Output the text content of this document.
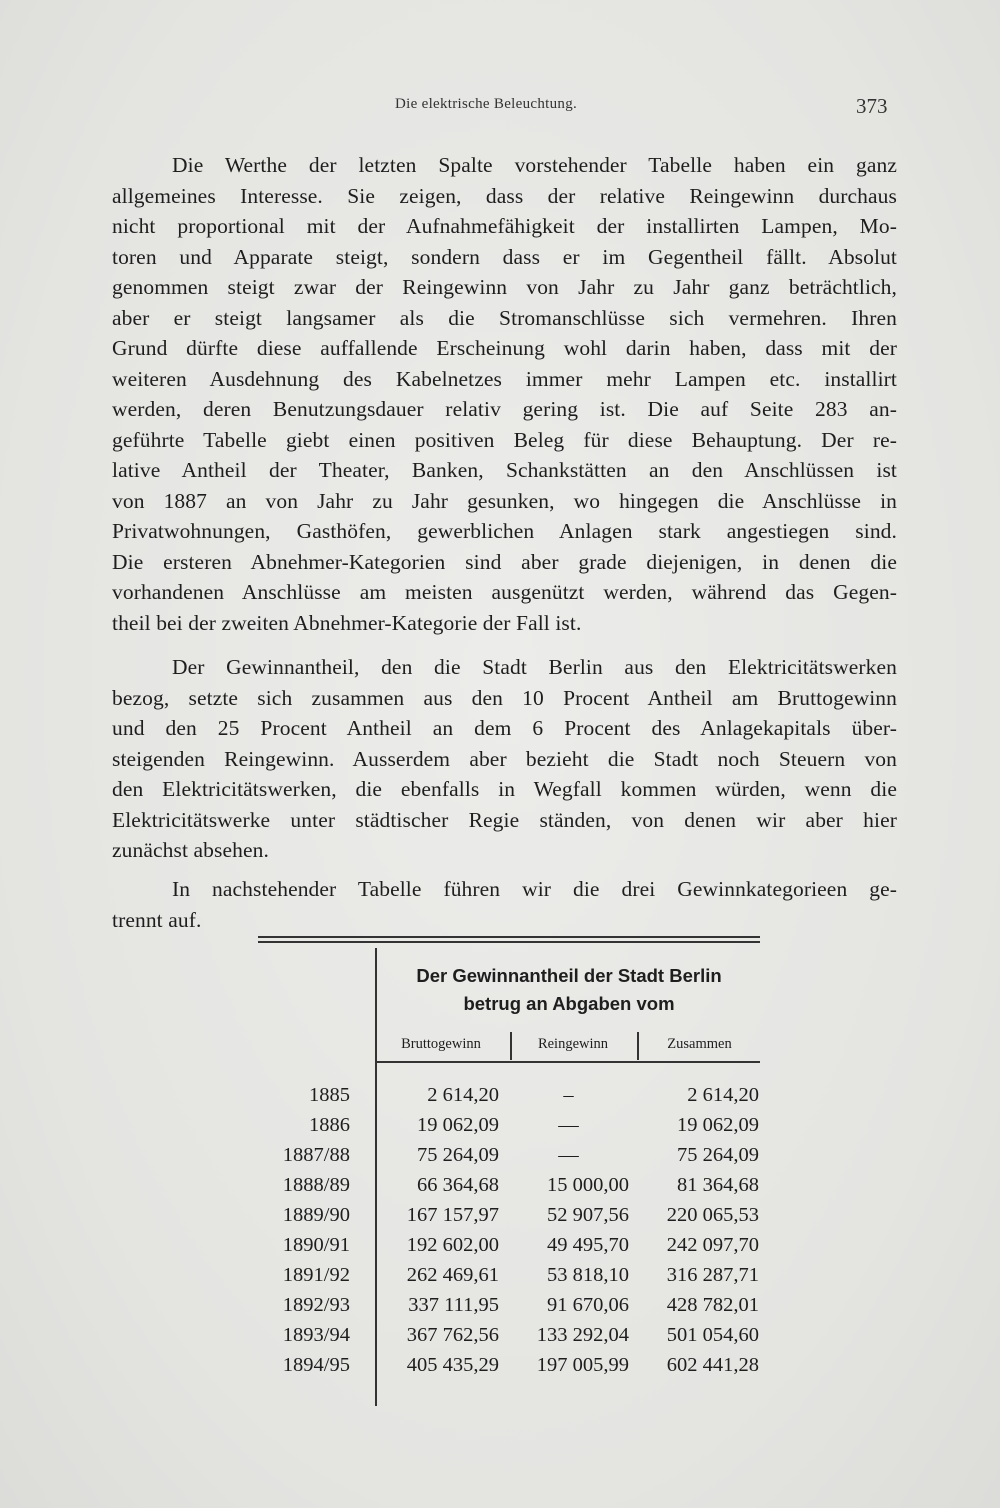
Die elektrische Beleuchtung.	373
Die Werthe der letzten Spalte vorstehender Tabelle haben ein ganz
allgemeines Interesse. Sie zeigen, dass der relative Reingewinn durchaus
nicht proportional mit der Aufnahmefähigkeit der installirten Lampen, Mo-
toren und Apparate steigt, sondern dass er im Gegentheil fällt. Absolut
genommen steigt zwar der Reingewinn von Jahr zu Jahr ganz beträchtlich,
aber er steigt langsamer als die Stromanschlüsse sich vermehren. Ihren
Grund dürfte diese auffallende Erscheinung wohl darin haben, dass mit der
weiteren Ausdehnung des Kabelnetzes immer mehr Lampen etc. installirt
werden, deren Benutzungsdauer relativ gering ist. Die auf Seite 283 an-
geführte Tabelle giebt einen positiven Beleg für diese Behauptung. Der re-
lative Antheil der Theater, Banken, Schankstätten an den Anschlüssen ist
von 1887 an von Jahr zu Jahr gesunken, wo hingegen die Anschlüsse in
Privatwohnungen, Gasthöfen, gewerblichen Anlagen stark angestiegen sind.
Die ersteren Abnehmer-Kategorien sind aber grade diejenigen, in denen die
vorhandenen Anschlüsse am meisten ausgenützt werden, während das Gegen-
theil bei der zweiten Abnehmer-Kategorie der Fall ist.
Der Gewinnantheil, den die Stadt Berlin aus den Elektricitätswerken
bezog, setzte sich zusammen aus den 10 Procent Antheil am Bruttogewinn
und den 25 Procent Antheil an dem 6 Procent des Anlagekapitals über-
steigenden Reingewinn. Ausserdem aber bezieht die Stadt noch Steuern von
den Elektricitätswerken, die ebenfalls in Wegfall kommen würden, wenn die
Elektricitätswerke unter städtischer Regie ständen, von denen wir aber hier
zunächst absehen.
In nachstehender Tabelle führen wir die drei Gewinnkategorieen ge-
trennt auf.
Der Gewinnantheil der Stadt Berlin
betrug an Abgaben vom
Bruttogewinn	Reingewinn	Zusammen
1885	2 614,20	–	2 614,20
1886	19 062,09	—	19 062,09
1887/88	75 264,09	—	75 264,09
1888/89	66 364,68	15 000,00	81 364,68
1889/90	167 157,97	52 907,56	220 065,53
1890/91	192 602,00	49 495,70	242 097,70
1891/92	262 469,61	53 818,10	316 287,71
1892/93	337 111,95	91 670,06	428 782,01
1893/94	367 762,56	133 292,04	501 054,60
1894/95	405 435,29	197 005,99	602 441,28
